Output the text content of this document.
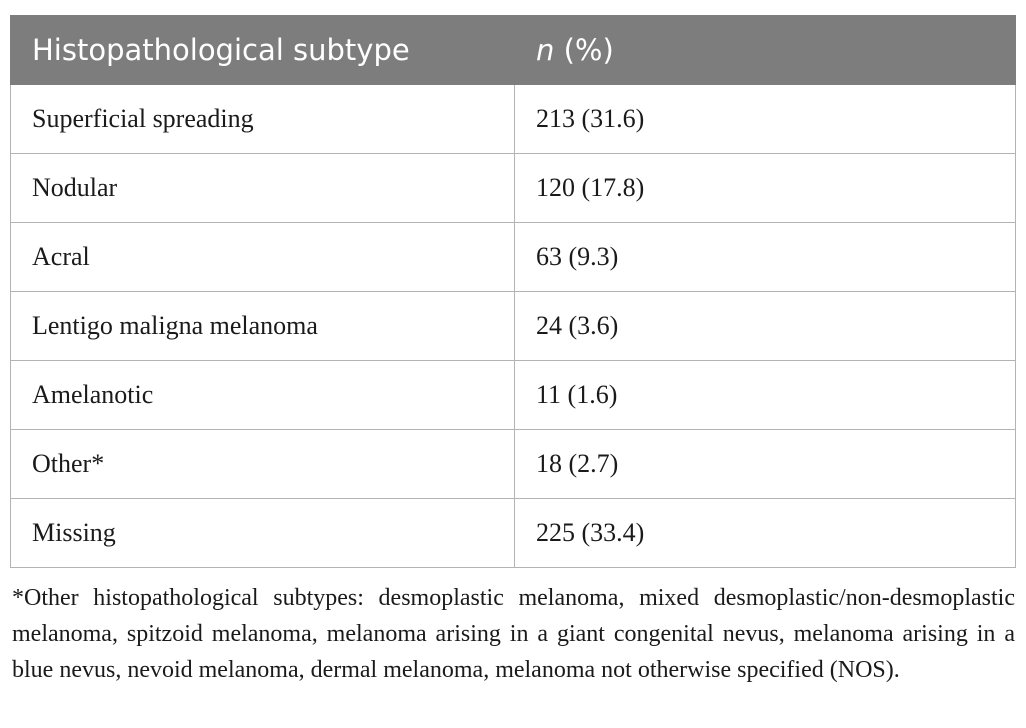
Histopathological subtype	n (%)
Superficial spreading	213 (31.6)
Nodular	120 (17.8)
Acral	63 (9.3)
Lentigo maligna melanoma	24 (3.6)
Amelanotic	11 (1.6)
Other*	18 (2.7)
Missing	225 (33.4)

*Other histopathological subtypes: desmoplastic melanoma, mixed desmoplastic/non-desmoplastic melanoma, spitzoid melanoma, melanoma arising in a giant congenital nevus, melanoma arising in a blue nevus, nevoid melanoma, dermal melanoma, melanoma not otherwise specified (NOS).
